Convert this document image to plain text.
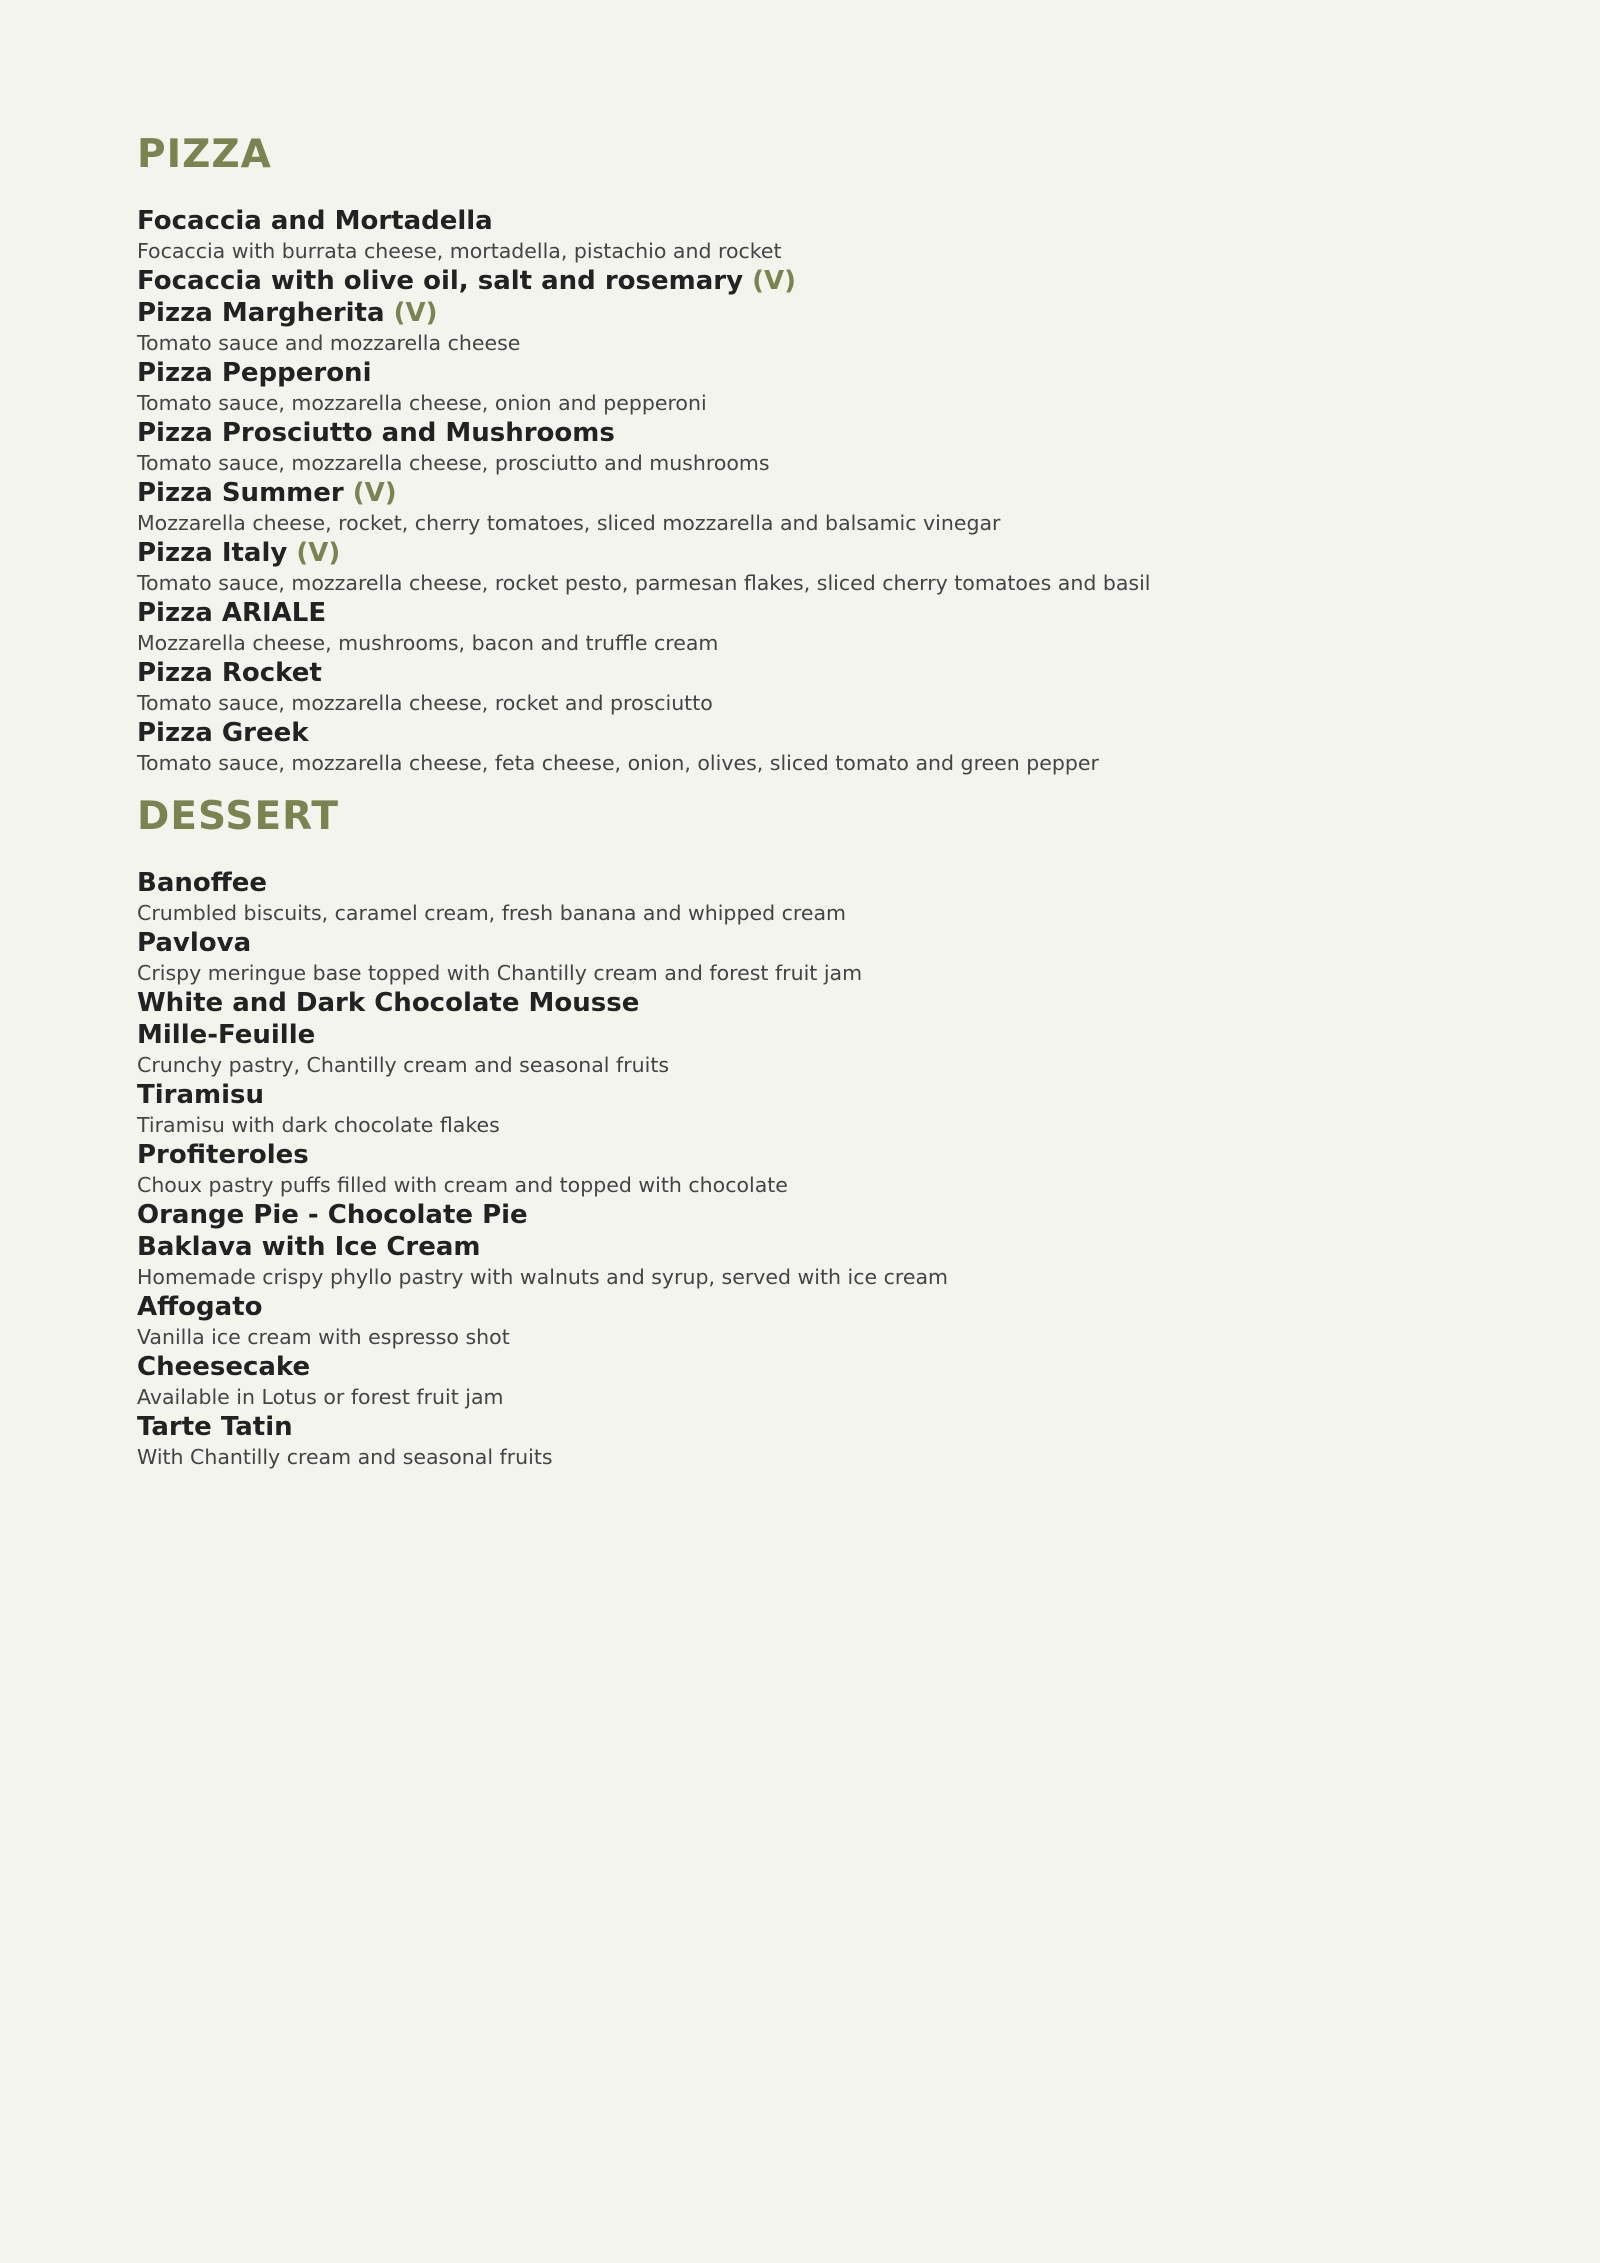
PIZZA

Focaccia and Mortadella

Focaccia with burrata cheese, mortadella, pistachio and rocket

Focaccia with olive oil, salt and rosemary (V)

Pizza Margherita (V)

Tomato sauce and mozzarella cheese

Pizza Pepperoni

Tomato sauce, mozzarella cheese, onion and pepperoni

Pizza Prosciutto and Mushrooms

Tomato sauce, mozzarella cheese, prosciutto and mushrooms

Pizza Summer (V)

Mozzarella cheese, rocket, cherry tomatoes, sliced mozzarella and balsamic vinegar

Pizza Italy (V)

Tomato sauce, mozzarella cheese, rocket pesto, parmesan flakes, sliced cherry tomatoes and basil

Pizza ARIALE

Mozzarella cheese, mushrooms, bacon and truffle cream

Pizza Rocket

Tomato sauce, mozzarella cheese, rocket and prosciutto

Pizza Greek

Tomato sauce, mozzarella cheese, feta cheese, onion, olives, sliced tomato and green pepper

DESSERT

Banoffee

Crumbled biscuits, caramel cream, fresh banana and whipped cream

Pavlova

Crispy meringue base topped with Chantilly cream and forest fruit jam

White and Dark Chocolate Mousse

Mille-Feuille

Crunchy pastry, Chantilly cream and seasonal fruits

Tiramisu

Tiramisu with dark chocolate flakes

Profiteroles

Choux pastry puffs filled with cream and topped with chocolate

Orange Pie - Chocolate Pie

Baklava with Ice Cream

Homemade crispy phyllo pastry with walnuts and syrup, served with ice cream

Affogato

Vanilla ice cream with espresso shot

Cheesecake

Available in Lotus or forest fruit jam

Tarte Tatin

With Chantilly cream and seasonal fruits
